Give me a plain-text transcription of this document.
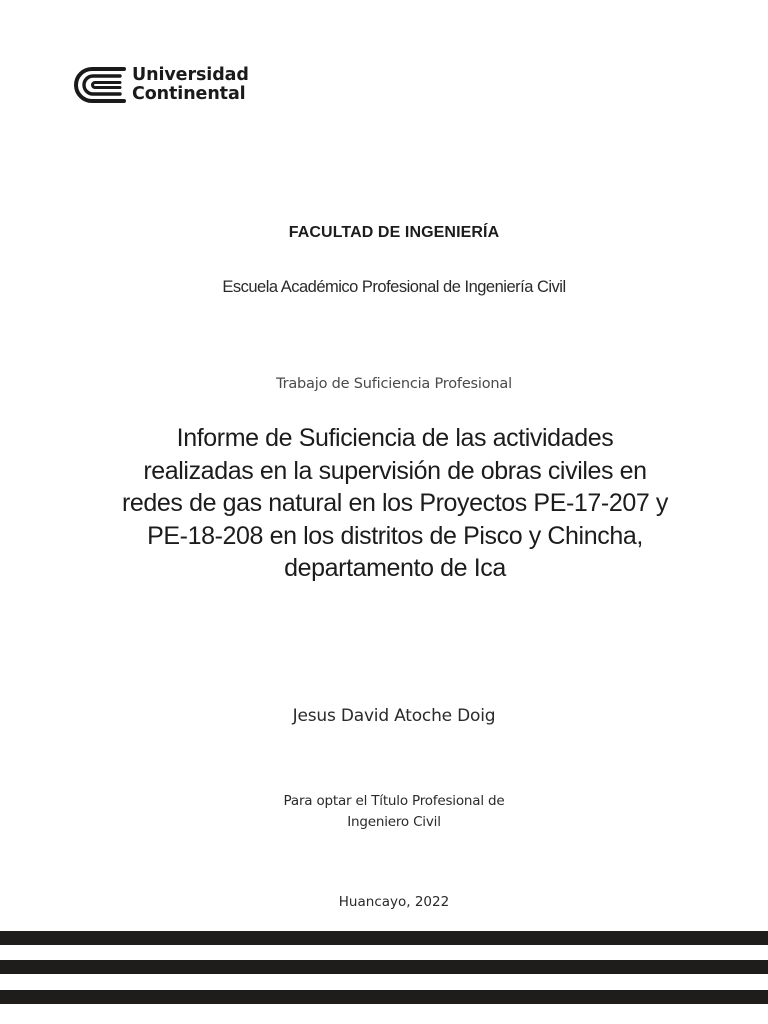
Universidad
Continental

FACULTAD DE INGENIERÍA

Escuela Académico Profesional de Ingeniería Civil

Trabajo de Suficiencia Profesional

Informe de Suficiencia de las actividades
realizadas en la supervisión de obras civiles en
redes de gas natural en los Proyectos PE-17-207 y
PE-18-208 en los distritos de Pisco y Chincha,
departamento de Ica

Jesus David Atoche Doig

Para optar el Título Profesional de
Ingeniero Civil

Huancayo, 2022
